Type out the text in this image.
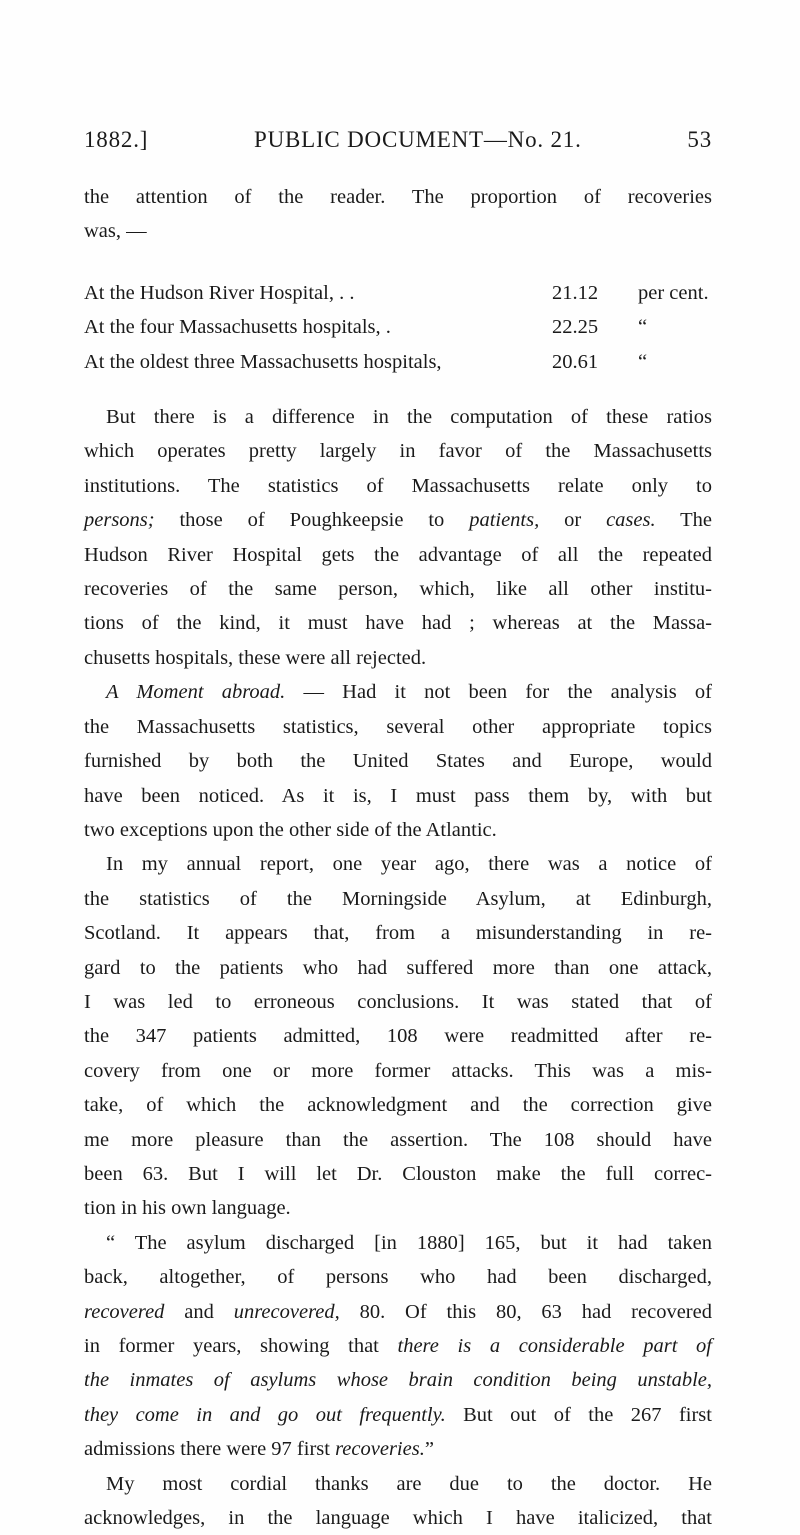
1882.]	PUBLIC DOCUMENT—No. 21.	53
the attention of the reader. The proportion of recoveries
was, —
At the Hudson River Hospital, . .	21.12	per cent.
At the four Massachusetts hospitals, .	22.25	“
At the oldest three Massachusetts hospitals,	20.61	“
But there is a difference in the computation of these ratios
which operates pretty largely in favor of the Massachusetts
institutions. The statistics of Massachusetts relate only to
persons; those of Poughkeepsie to patients, or cases. The
Hudson River Hospital gets the advantage of all the repeated
recoveries of the same person, which, like all other institu-
tions of the kind, it must have had ; whereas at the Massa-
chusetts hospitals, these were all rejected.
A Moment abroad. — Had it not been for the analysis of
the Massachusetts statistics, several other appropriate topics
furnished by both the United States and Europe, would
have been noticed. As it is, I must pass them by, with but
two exceptions upon the other side of the Atlantic.
In my annual report, one year ago, there was a notice of
the statistics of the Morningside Asylum, at Edinburgh,
Scotland. It appears that, from a misunderstanding in re-
gard to the patients who had suffered more than one attack,
I was led to erroneous conclusions. It was stated that of
the 347 patients admitted, 108 were readmitted after re-
covery from one or more former attacks. This was a mis-
take, of which the acknowledgment and the correction give
me more pleasure than the assertion. The 108 should have
been 63. But I will let Dr. Clouston make the full correc-
tion in his own language.
“ The asylum discharged [in 1880] 165, but it had taken
back, altogether, of persons who had been discharged,
recovered and unrecovered, 80. Of this 80, 63 had recovered
in former years, showing that there is a considerable part of
the inmates of asylums whose brain condition being unstable,
they come in and go out frequently. But out of the 267 first
admissions there were 97 first recoveries.”
My most cordial thanks are due to the doctor. He
acknowledges, in the language which I have italicized, that
